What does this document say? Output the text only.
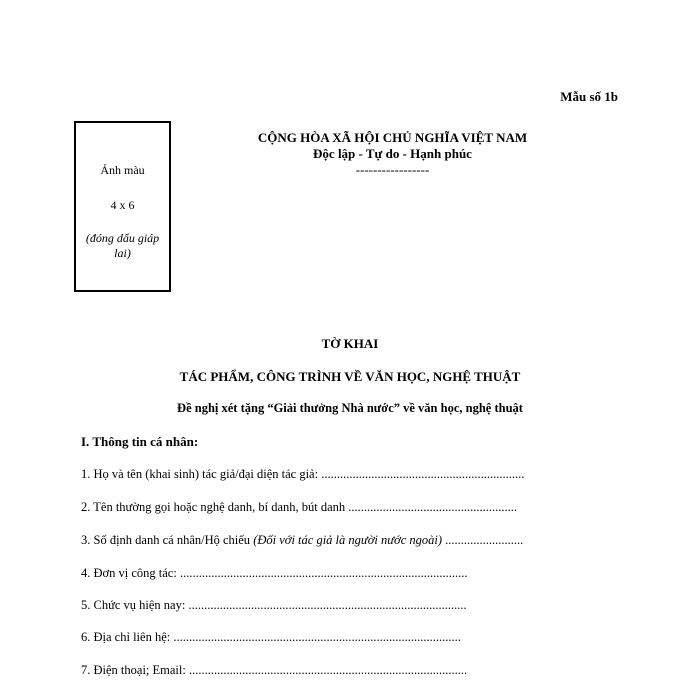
Mẫu số 1b
Ảnh màu
4 x 6
(đóng dấu giáp lai)
CỘNG HÒA XÃ HỘI CHỦ NGHĨA VIỆT NAM
Độc lập - Tự do - Hạnh phúc
-----------------
TỜ KHAI
TÁC PHẨM, CÔNG TRÌNH VỀ VĂN HỌC, NGHỆ THUẬT
Đề nghị xét tặng “Giải thưởng Nhà nước” về văn học, nghệ thuật
I. Thông tin cá nhân:
1. Họ và tên (khai sinh) tác giả/đại diện tác giả: .................................................................
2. Tên thường gọi hoặc nghệ danh, bí danh, bút danh ......................................................
3. Số định danh cá nhân/Hộ chiếu (Đối với tác giả là người nước ngoài) .........................
4. Đơn vị công tác: ............................................................................................
5. Chức vụ hiện nay: .........................................................................................
6. Địa chỉ liên hệ: ............................................................................................
7. Điện thoại; Email: .........................................................................................
